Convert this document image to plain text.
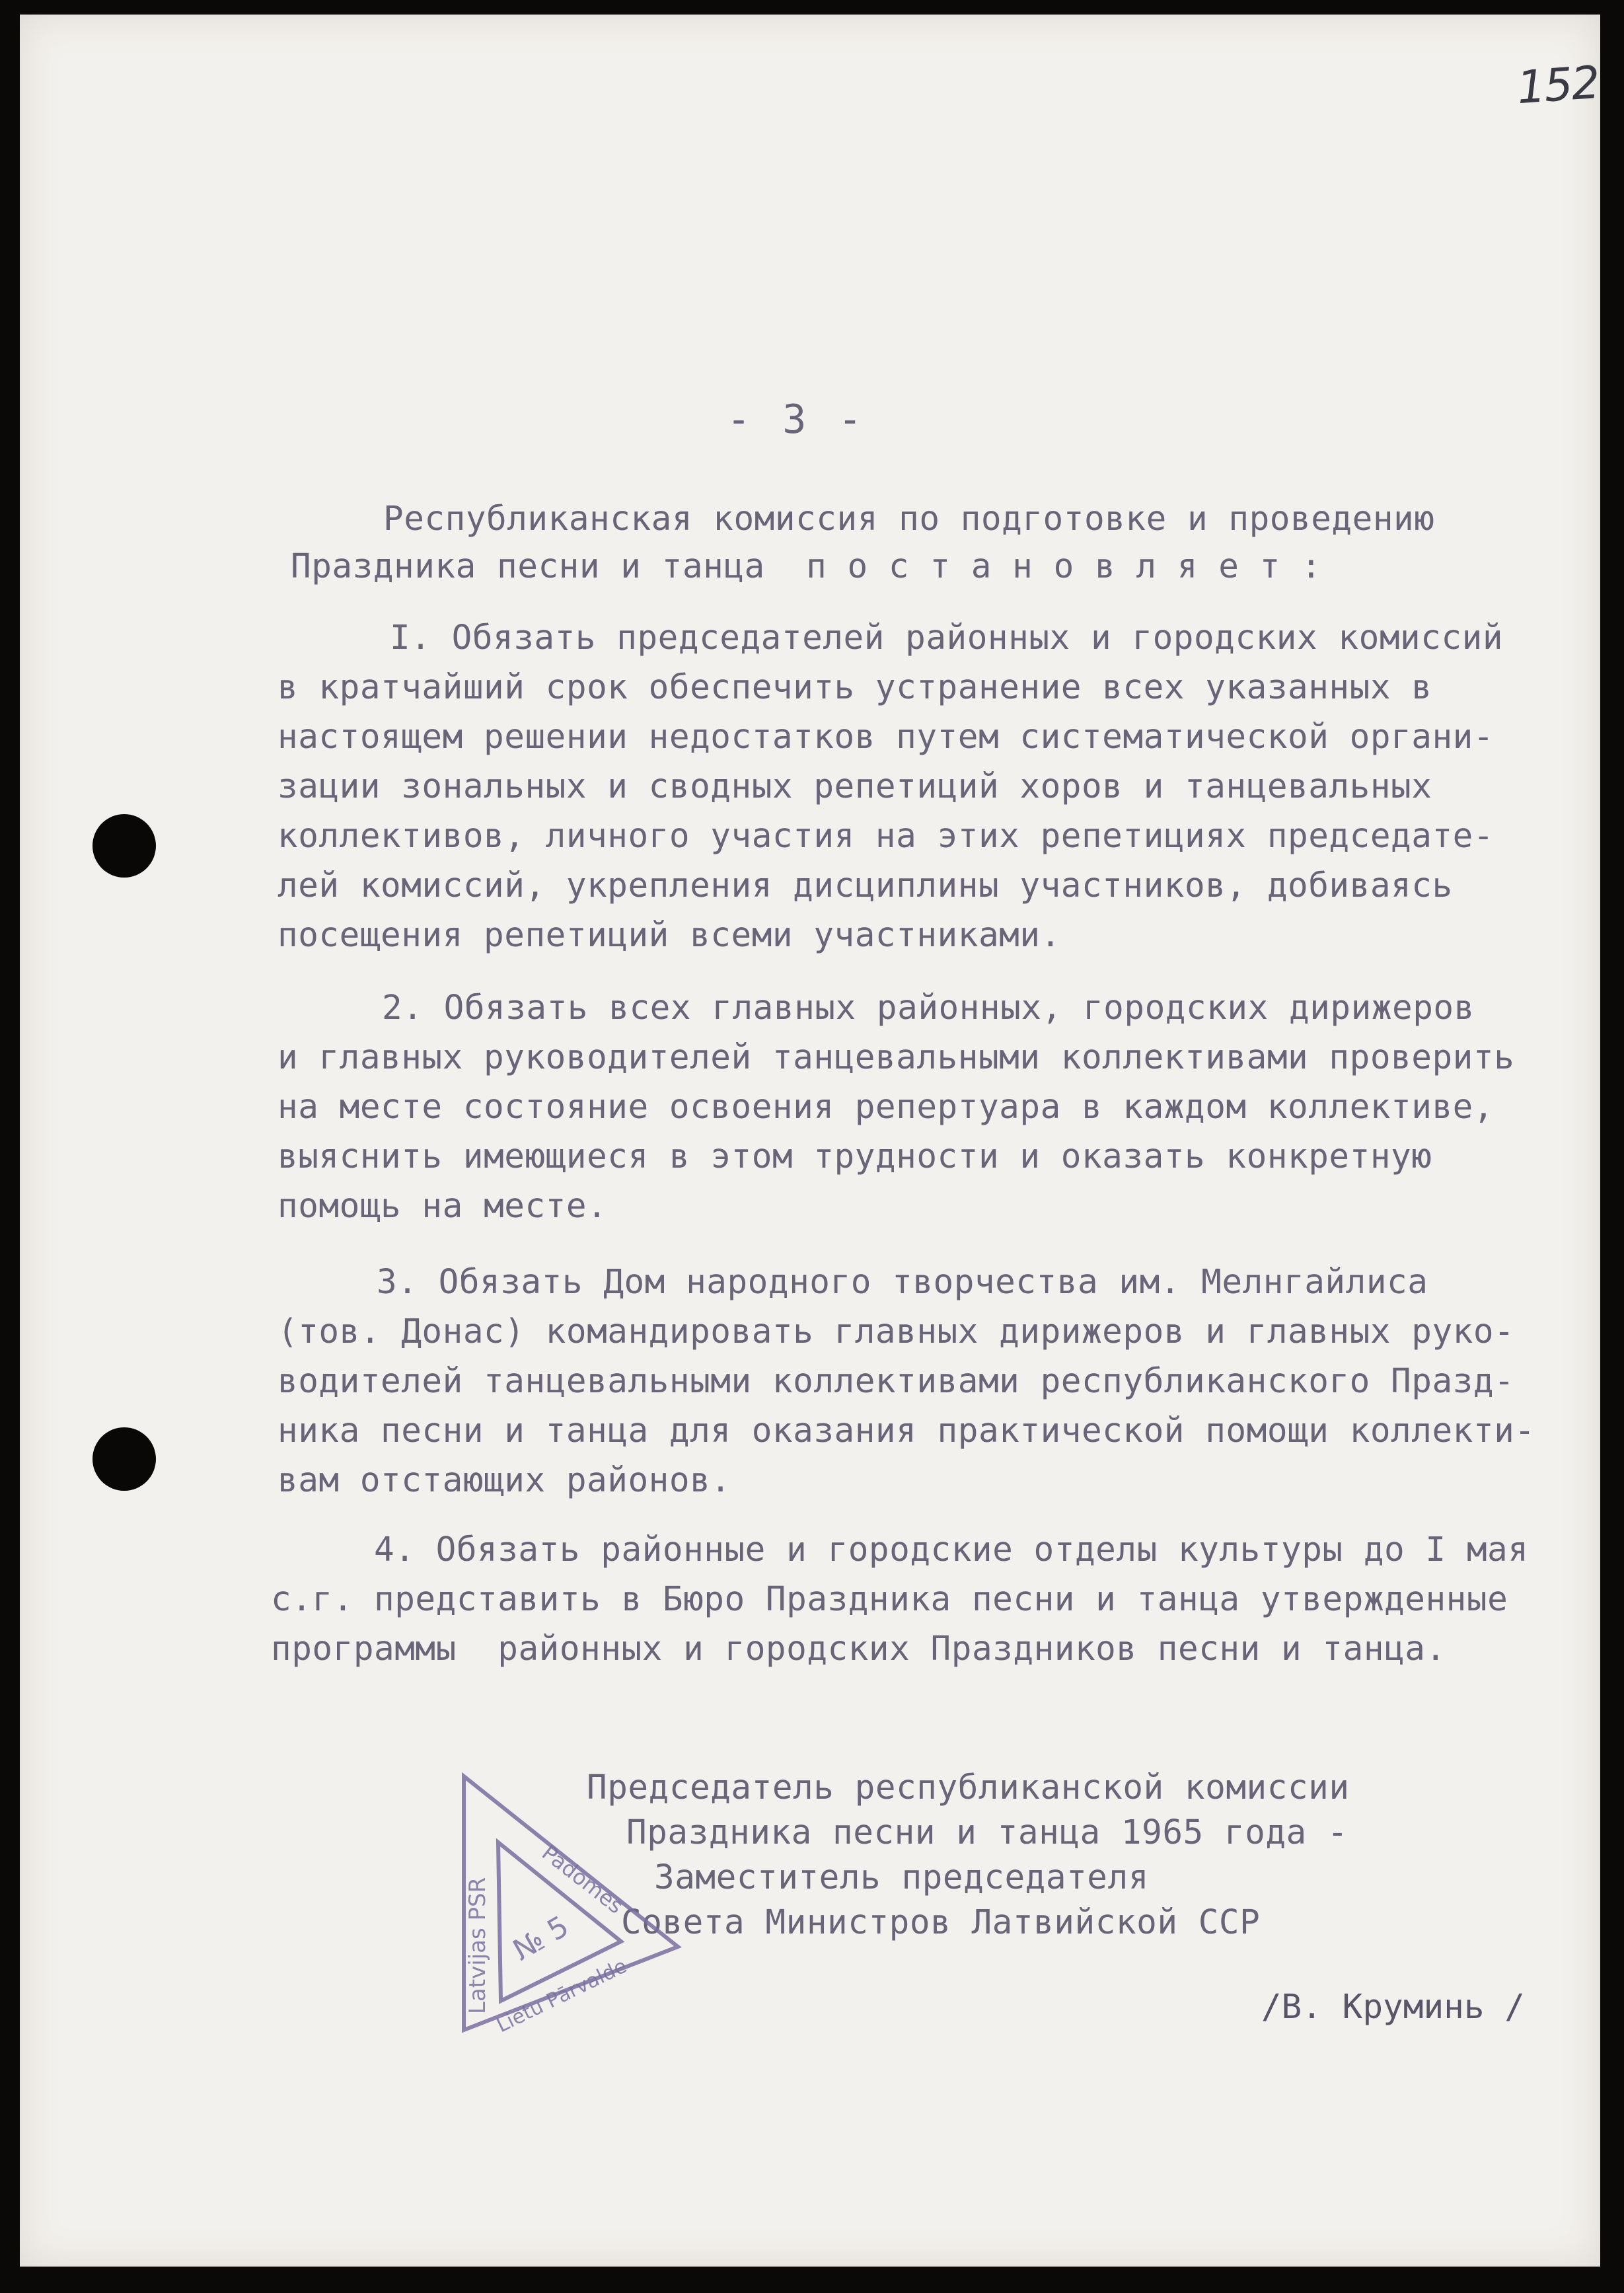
152
- 3 -
Республиканская комиссия по подготовке и проведению
Праздника песни и танца  п о с т а н о в л я е т :
I. Обязать председателей районных и городских комиссий
в кратчайший срок обеспечить устранение всех указанных в
настоящем решении недостатков путем систематической органи-
зации зональных и сводных репетиций хоров и танцевальных
коллективов, личного участия на этих репетициях председате-
лей комиссий, укрепления дисциплины участников, добиваясь
посещения репетиций всеми участниками.
2. Обязать всех главных районных, городских дирижеров
и главных руководителей танцевальными коллективами проверить
на месте состояние освоения репертуара в каждом коллективе,
выяснить имеющиеся в этом трудности и оказать конкретную
помощь на месте.
3. Обязать Дом народного творчества им. Мелнгайлиса
(тов. Донас) командировать главных дирижеров и главных руко-
водителей танцевальными коллективами республиканского Празд-
ника песни и танца для оказания практической помощи коллекти-
вам отстающих районов.
4. Обязать районные и городские отделы культуры до I мая
с.г. представить в Бюро Праздника песни и танца утвержденные
программы  районных и городских Праздников песни и танца.
Председатель республиканской комиссии
Праздника песни и танца 1965 года -
Заместитель председателя
Совета Министров Латвийской ССР
/В. Круминь /
Latvijas PSR Padomes
Lietu Pārvalde
№ 5
